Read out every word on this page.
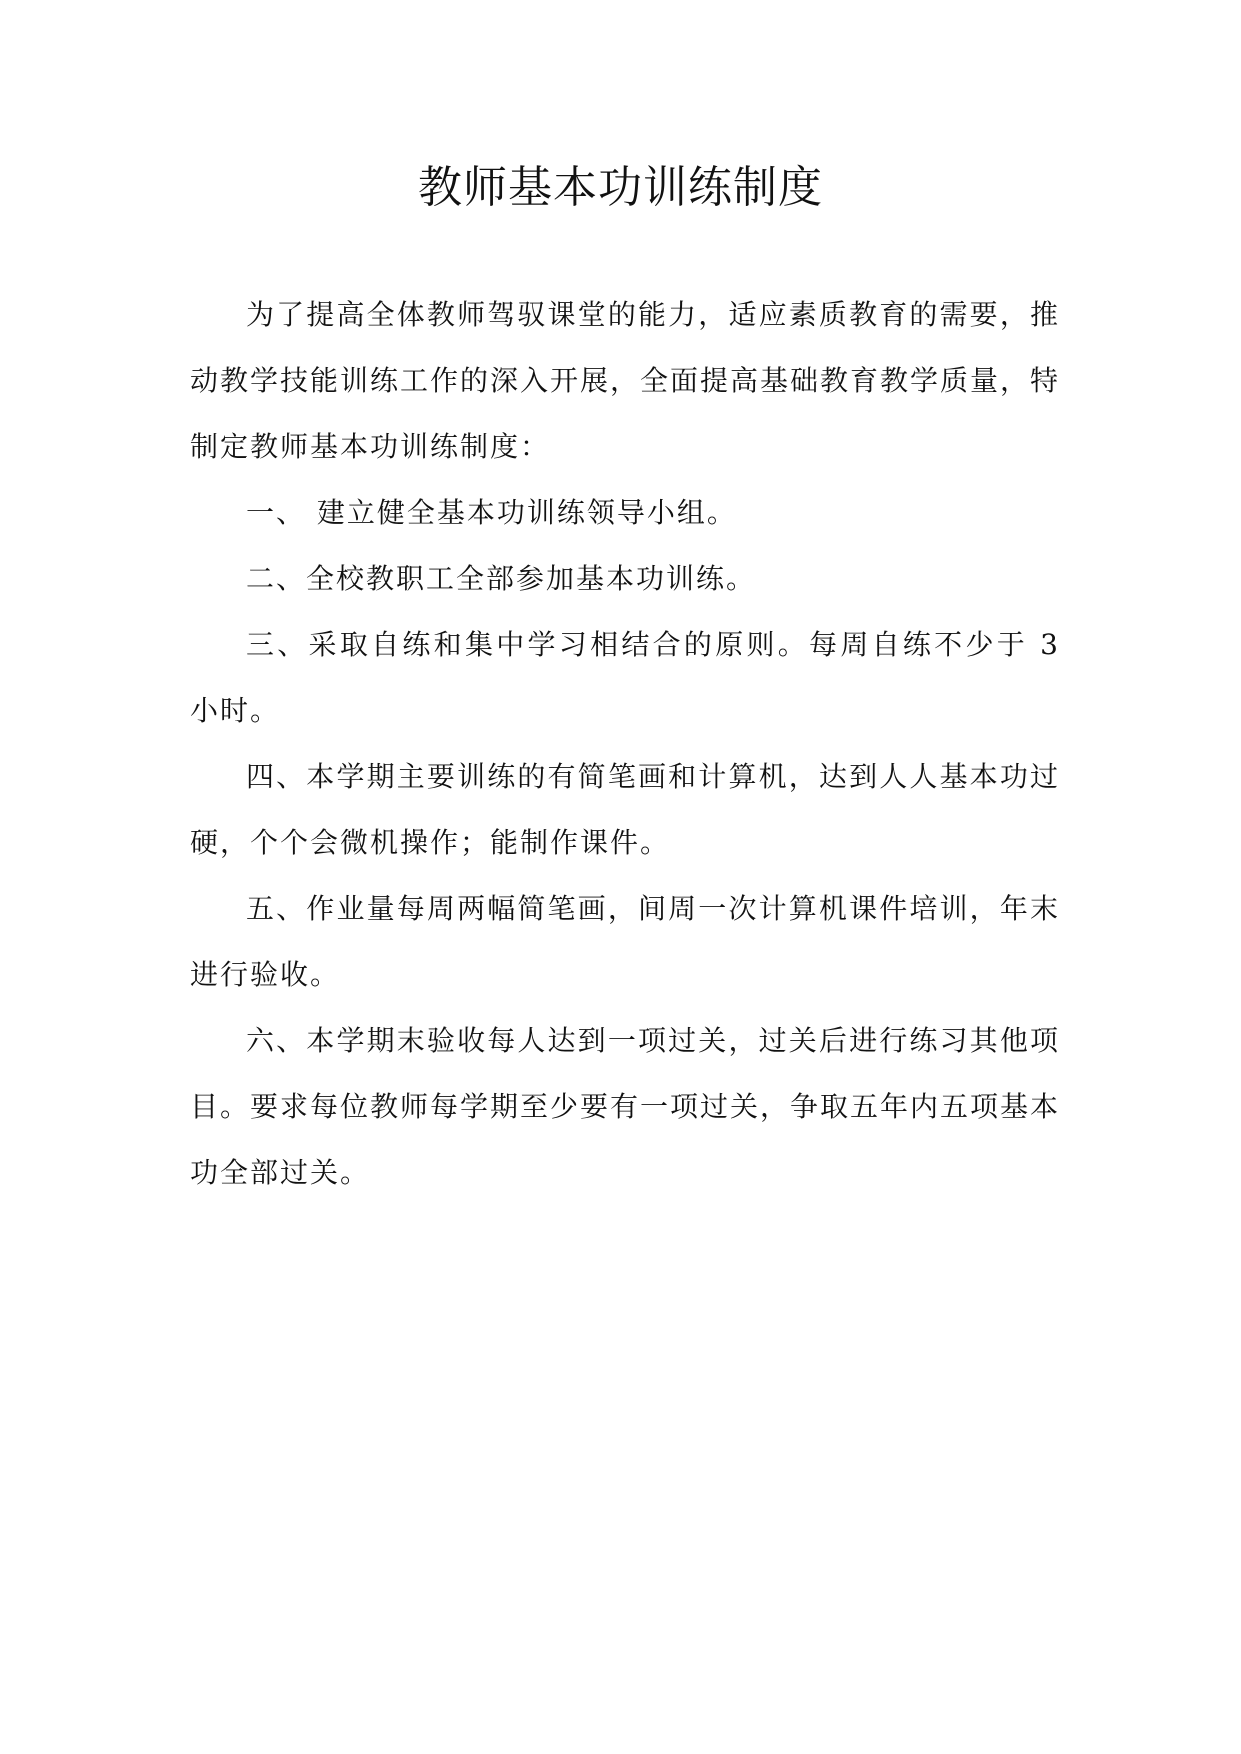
教师基本功训练制度

为了提高全体教师驾驭课堂的能力，适应素质教育的需要，推动教学技能训练工作的深入开展，全面提高基础教育教学质量，特制定教师基本功训练制度：

一、 建立健全基本功训练领导小组。

二、全校教职工全部参加基本功训练。

三、采取自练和集中学习相结合的原则。每周自练不少于 3 小时。

四、本学期主要训练的有简笔画和计算机，达到人人基本功过硬，个个会微机操作；能制作课件。

五、作业量每周两幅简笔画，间周一次计算机课件培训，年末进行验收。

六、本学期末验收每人达到一项过关，过关后进行练习其他项目。要求每位教师每学期至少要有一项过关，争取五年内五项基本功全部过关。
